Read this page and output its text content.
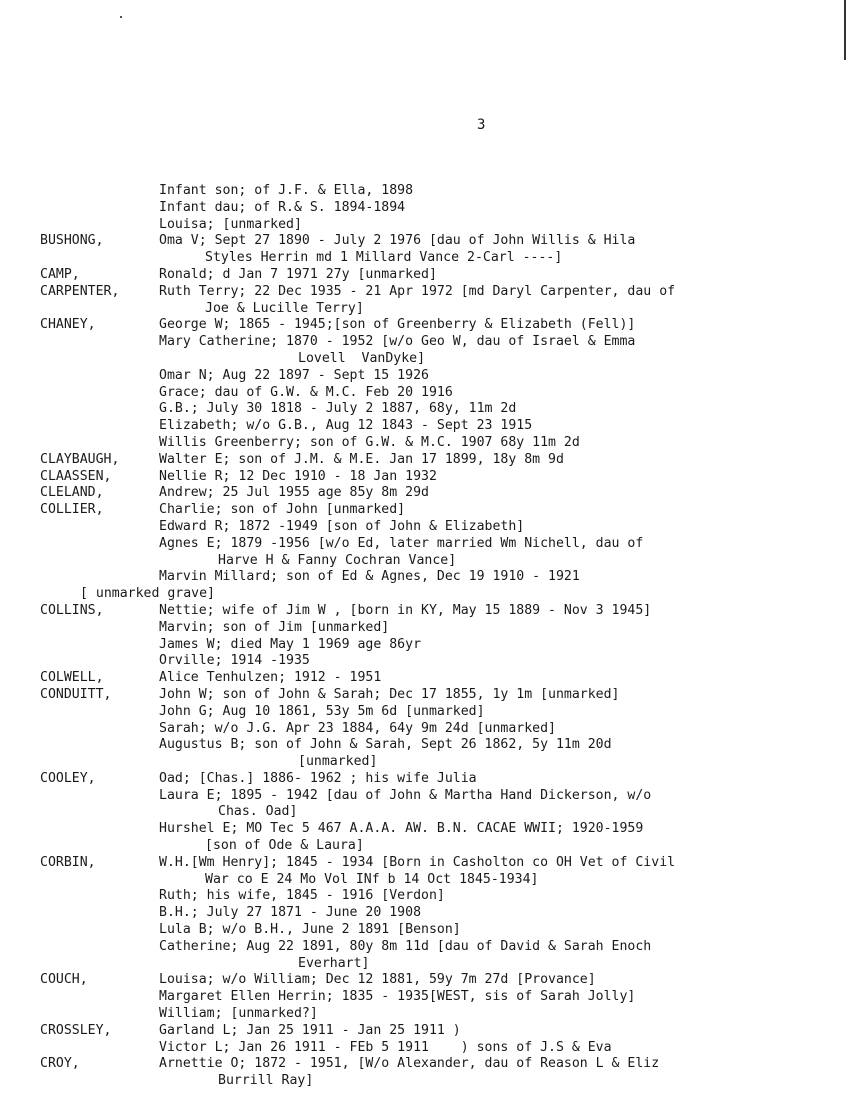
3
Infant son; of J.F. & Ella, 1898
Infant dau; of R.& S. 1894-1894
Louisa; [unmarked]
BUSHONG,	Oma V; Sept 27 1890 - July 2 1976 [dau of John Willis & Hila
Styles Herrin md 1 Millard Vance 2-Carl ----]
CAMP,	Ronald; d Jan 7 1971 27y [unmarked]
CARPENTER,	Ruth Terry; 22 Dec 1935 - 21 Apr 1972 [md Daryl Carpenter, dau of
Joe & Lucille Terry]
CHANEY,	George W; 1865 - 1945;[son of Greenberry & Elizabeth (Fell)]
Mary Catherine; 1870 - 1952 [w/o Geo W, dau of Israel & Emma
Lovell  VanDyke]
Omar N; Aug 22 1897 - Sept 15 1926
Grace; dau of G.W. & M.C. Feb 20 1916
G.B.; July 30 1818 - July 2 1887, 68y, 11m 2d
Elizabeth; w/o G.B., Aug 12 1843 - Sept 23 1915
Willis Greenberry; son of G.W. & M.C. 1907 68y 11m 2d
CLAYBAUGH,	Walter E; son of J.M. & M.E. Jan 17 1899, 18y 8m 9d
CLAASSEN,	Nellie R; 12 Dec 1910 - 18 Jan 1932
CLELAND,	Andrew; 25 Jul 1955 age 85y 8m 29d
COLLIER,	Charlie; son of John [unmarked]
Edward R; 1872 -1949 [son of John & Elizabeth]
Agnes E; 1879 -1956 [w/o Ed, later married Wm Nichell, dau of
Harve H & Fanny Cochran Vance]
Marvin Millard; son of Ed & Agnes, Dec 19 1910 - 1921
[ unmarked grave]
COLLINS,	Nettie; wife of Jim W , [born in KY, May 15 1889 - Nov 3 1945]
Marvin; son of Jim [unmarked]
James W; died May 1 1969 age 86yr
Orville; 1914 -1935
COLWELL,	Alice Tenhulzen; 1912 - 1951
CONDUITT,	John W; son of John & Sarah; Dec 17 1855, 1y 1m [unmarked]
John G; Aug 10 1861, 53y 5m 6d [unmarked]
Sarah; w/o J.G. Apr 23 1884, 64y 9m 24d [unmarked]
Augustus B; son of John & Sarah, Sept 26 1862, 5y 11m 20d
[unmarked]
COOLEY,	Oad; [Chas.] 1886- 1962 ; his wife Julia
Laura E; 1895 - 1942 [dau of John & Martha Hand Dickerson, w/o
Chas. Oad]
Hurshel E; MO Tec 5 467 A.A.A. AW. B.N. CACAE WWII; 1920-1959
[son of Ode & Laura]
CORBIN,	W.H.[Wm Henry]; 1845 - 1934 [Born in Casholton co OH Vet of Civil
War co E 24 Mo Vol INf b 14 Oct 1845-1934]
Ruth; his wife, 1845 - 1916 [Verdon]
B.H.; July 27 1871 - June 20 1908
Lula B; w/o B.H., June 2 1891 [Benson]
Catherine; Aug 22 1891, 80y 8m 11d [dau of David & Sarah Enoch
Everhart]
COUCH,	Louisa; w/o William; Dec 12 1881, 59y 7m 27d [Provance]
Margaret Ellen Herrin; 1835 - 1935[WEST, sis of Sarah Jolly]
William; [unmarked?]
CROSSLEY,	Garland L; Jan 25 1911 - Jan 25 1911 )
Victor L; Jan 26 1911 - FEb 5 1911    ) sons of J.S & Eva
CROY,	Arnettie O; 1872 - 1951, [W/o Alexander, dau of Reason L & Eliz
Burrill Ray]
